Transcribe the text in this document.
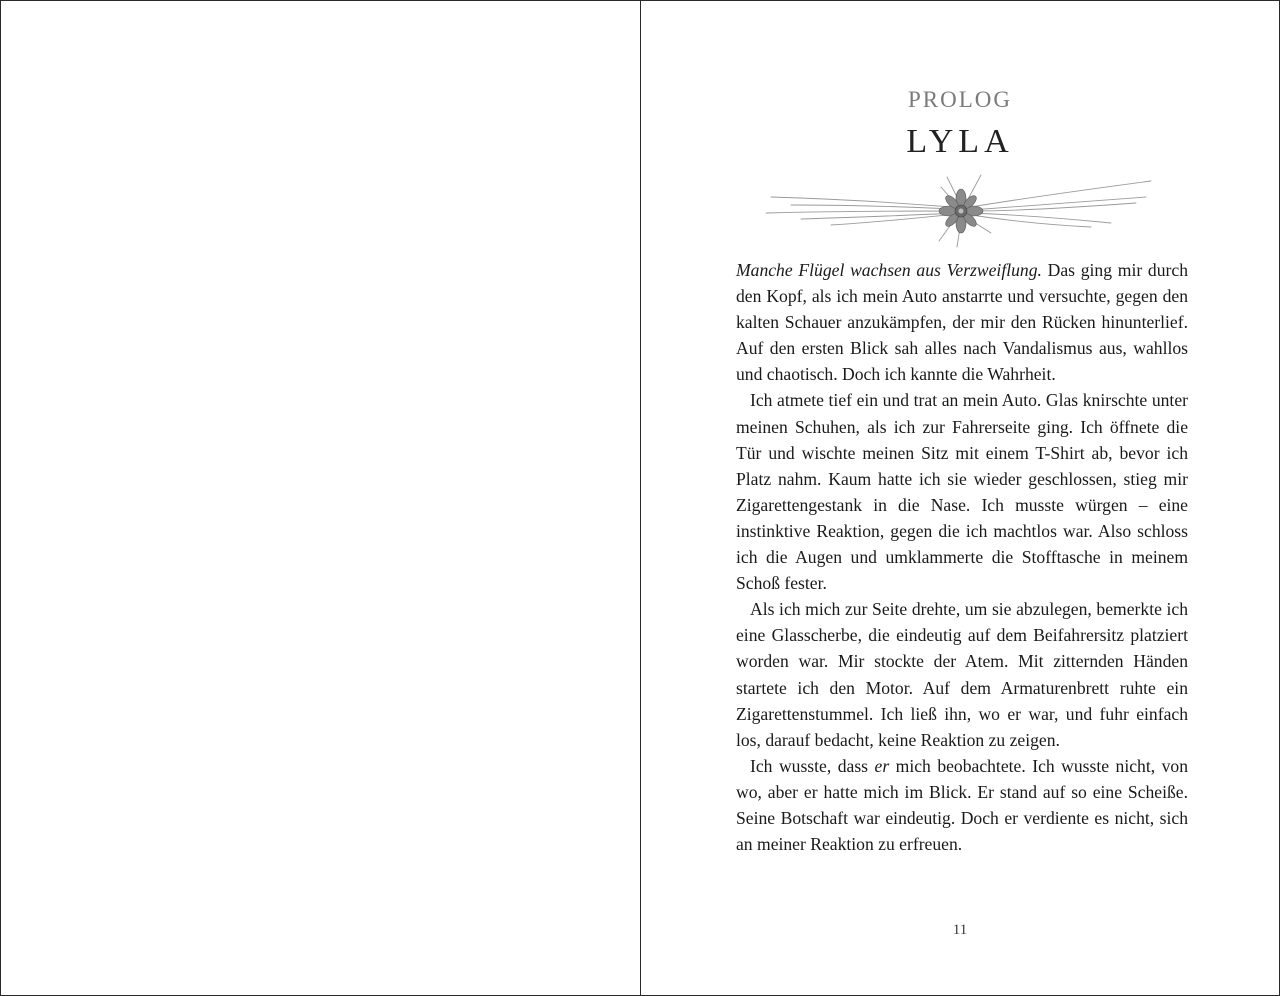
PROLOG
LYLA

Manche Flügel wachsen aus Verzweiflung. Das ging mir durch den Kopf, als ich mein Auto anstarrte und versuchte, gegen den kalten Schauer anzukämpfen, der mir den Rücken hinunterlief. Auf den ersten Blick sah alles nach Vandalismus aus, wahllos und chaotisch. Doch ich kannte die Wahrheit.

Ich atmete tief ein und trat an mein Auto. Glas knirschte unter meinen Schuhen, als ich zur Fahrerseite ging. Ich öffnete die Tür und wischte meinen Sitz mit einem T-Shirt ab, bevor ich Platz nahm. Kaum hatte ich sie wieder geschlossen, stieg mir Zigarettengestank in die Nase. Ich musste würgen – eine instinktive Reaktion, gegen die ich machtlos war. Also schloss ich die Augen und umklammerte die Stofftasche in meinem Schoß fester.

Als ich mich zur Seite drehte, um sie abzulegen, bemerkte ich eine Glasscherbe, die eindeutig auf dem Beifahrersitz platziert worden war. Mir stockte der Atem. Mit zitternden Händen startete ich den Motor. Auf dem Armaturenbrett ruhte ein Zigarettenstummel. Ich ließ ihn, wo er war, und fuhr einfach los, darauf bedacht, keine Reaktion zu zeigen.

Ich wusste, dass er mich beobachtete. Ich wusste nicht, von wo, aber er hatte mich im Blick. Er stand auf so eine Scheiße. Seine Botschaft war eindeutig. Doch er verdiente es nicht, sich an meiner Reaktion zu erfreuen.

11
